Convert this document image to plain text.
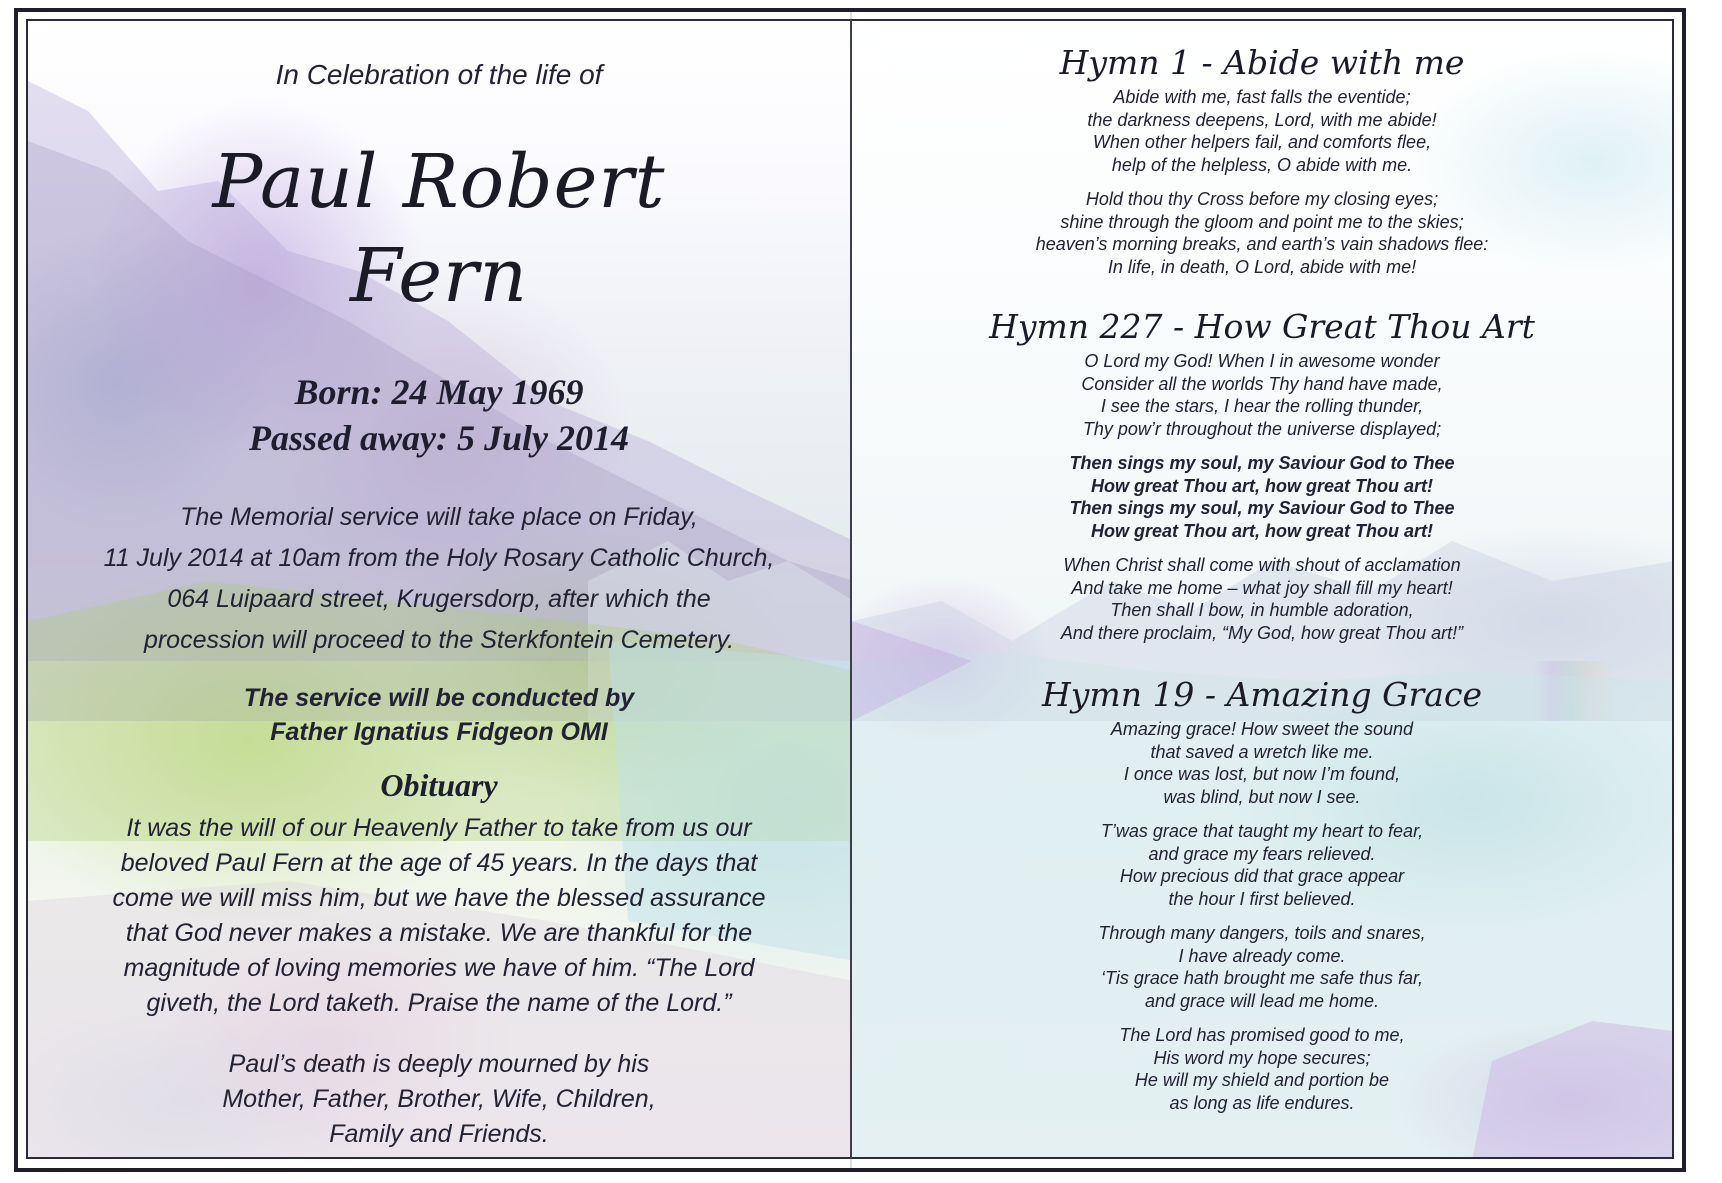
In Celebration of the life of

Paul Robert

Fern

Born: 24 May 1969
Passed away: 5 July 2014
The Memorial service will take place on Friday,
11 July 2014 at 10am from the Holy Rosary Catholic Church,
064 Luipaard street, Krugersdorp, after which the
procession will proceed to the Sterkfontein Cemetery.
The service will be conducted by
Father Ignatius Fidgeon OMI

Obituary

It was the will of our Heavenly Father to take from us our
beloved Paul Fern at the age of 45 years. In the days that
come we will miss him, but we have the blessed assurance
that God never makes a mistake. We are thankful for the
magnitude of loving memories we have of him. “The Lord
giveth, the Lord taketh. Praise the name of the Lord.”
Paul’s death is deeply mourned by his
Mother, Father, Brother, Wife, Children,
Family and Friends.

Hymn 1 - Abide with me

Abide with me, fast falls the eventide;
the darkness deepens, Lord, with me abide!
When other helpers fail, and comforts flee,
help of the helpless, O abide with me.
Hold thou thy Cross before my closing eyes;
shine through the gloom and point me to the skies;
heaven’s morning breaks, and earth’s vain shadows flee:
In life, in death, O Lord, abide with me!

Hymn 227 - How Great Thou Art

O Lord my God! When I in awesome wonder
Consider all the worlds Thy hand have made,
I see the stars, I hear the rolling thunder,
Thy pow’r throughout the universe displayed;
Then sings my soul, my Saviour God to Thee
How great Thou art, how great Thou art!
Then sings my soul, my Saviour God to Thee
How great Thou art, how great Thou art!
When Christ shall come with shout of acclamation
And take me home – what joy shall fill my heart!
Then shall I bow, in humble adoration,
And there proclaim, “My God, how great Thou art!”

Hymn 19 - Amazing Grace

Amazing grace! How sweet the sound
that saved a wretch like me.
I once was lost, but now I’m found,
was blind, but now I see.
T’was grace that taught my heart to fear,
and grace my fears relieved.
How precious did that grace appear
the hour I first believed.
Through many dangers, toils and snares,
I have already come.
‘Tis grace hath brought me safe thus far,
and grace will lead me home.
The Lord has promised good to me,
His word my hope secures;
He will my shield and portion be
as long as life endures.
